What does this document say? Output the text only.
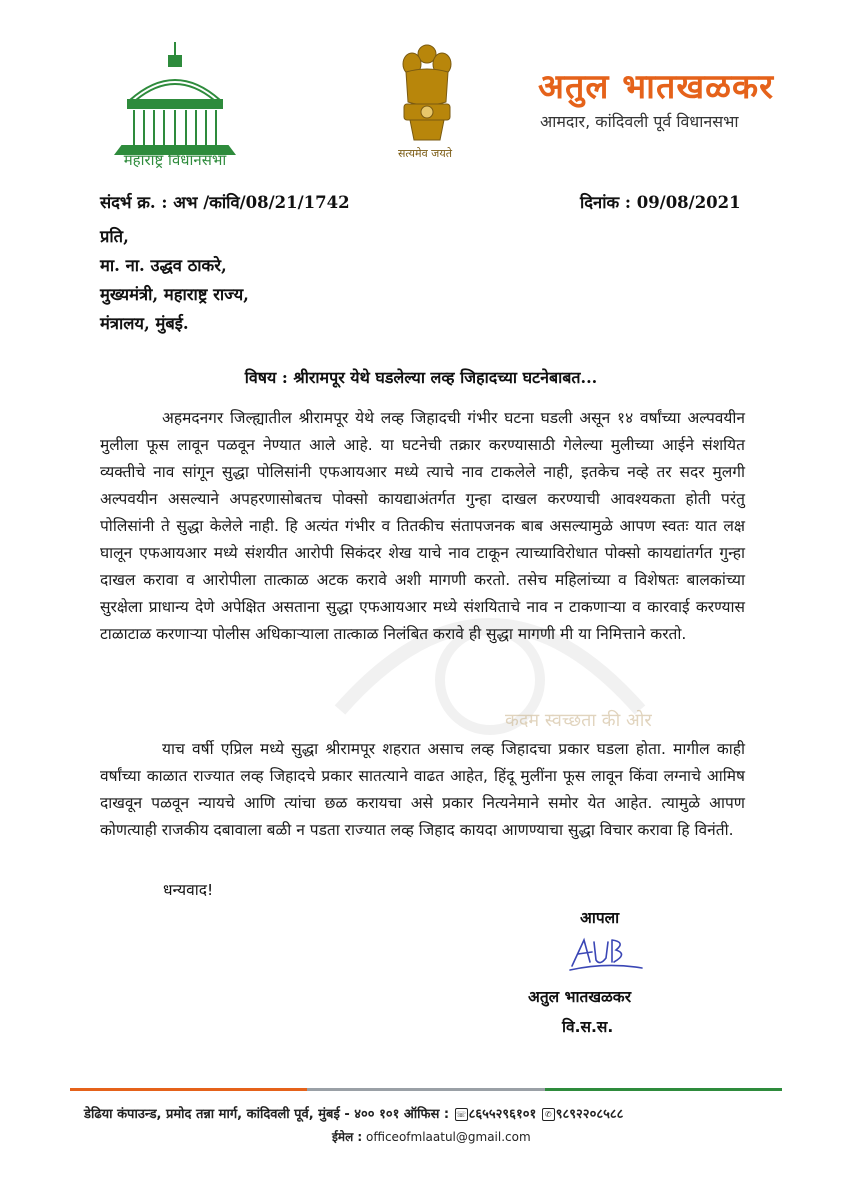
महाराष्ट्र विधानसभा	सत्यमेव जयते
अतुल भातखळकर
आमदार, कांदिवली पूर्व विधानसभा
कदम स्वच्छता की ओर
संदर्भ क्र. : अभ /कांवि/08/21/1742	दिनांक : 09/08/2021
प्रति,
मा. ना. उद्धव ठाकरे,
मुख्यमंत्री, महाराष्ट्र राज्य,
मंत्रालय, मुंबई.
विषय : श्रीरामपूर येथे घडलेल्या लव्ह जिहादच्या घटनेबाबत...
अहमदनगर जिल्ह्यातील श्रीरामपूर येथे लव्ह जिहादची गंभीर घटना घडली असून १४ वर्षांच्या अल्पवयीन मुलीला फूस लावून पळवून नेण्यात आले आहे. या घटनेची तक्रार करण्यासाठी गेलेल्या मुलीच्या आईने संशयित व्यक्तीचे नाव सांगून सुद्धा पोलिसांनी एफआयआर मध्ये त्याचे नाव टाकलेले नाही, इतकेच नव्हे तर सदर मुलगी अल्पवयीन असल्याने अपहरणासोबतच पोक्सो कायद्याअंतर्गत गुन्हा दाखल करण्याची आवश्यकता होती परंतु पोलिसांनी ते सुद्धा केलेले नाही. हि अत्यंत गंभीर व तितकीच संतापजनक बाब असल्यामुळे आपण स्वतः यात लक्ष घालून एफआयआर मध्ये संशयीत आरोपी सिकंदर शेख याचे नाव टाकून त्याच्याविरोधात पोक्सो कायद्यांतर्गत गुन्हा दाखल करावा व आरोपीला तात्काळ अटक करावे अशी मागणी करतो. तसेच महिलांच्या व विशेषतः बालकांच्या सुरक्षेला प्राधान्य देणे अपेक्षित असताना सुद्धा एफआयआर मध्ये संशयिताचे नाव न टाकणाऱ्या व कारवाई करण्यास टाळाटाळ करणाऱ्या पोलीस अधिकाऱ्याला तात्काळ निलंबित करावे ही सुद्धा मागणी मी या निमित्ताने करतो.
याच वर्षी एप्रिल मध्ये सुद्धा श्रीरामपूर शहरात असाच लव्ह जिहादचा प्रकार घडला होता. मागील काही वर्षांच्या काळात राज्यात लव्ह जिहादचे प्रकार सातत्याने वाढत आहेत, हिंदू मुलींना फूस लावून किंवा लग्नाचे आमिष दाखवून पळवून न्यायचे आणि त्यांचा छळ करायचा असे प्रकार नित्यनेमाने समोर येत आहेत. त्यामुळे आपण कोणत्याही राजकीय दबावाला बळी न पडता राज्यात लव्ह जिहाद कायदा आणण्याचा सुद्धा विचार करावा हि विनंती.
धन्यवाद!
आपला
अतुल भातखळकर
वि.स.स.
डेढिया कंपाउन्ड, प्रमोद तन्ना मार्ग, कांदिवली पूर्व, मुंबई - ४०० १०१ ऑफिस : ☏ ८६५५२९६१०१ ✆ ९८९२२०८५८८
ईमेल : officeofmlaatul@gmail.com
